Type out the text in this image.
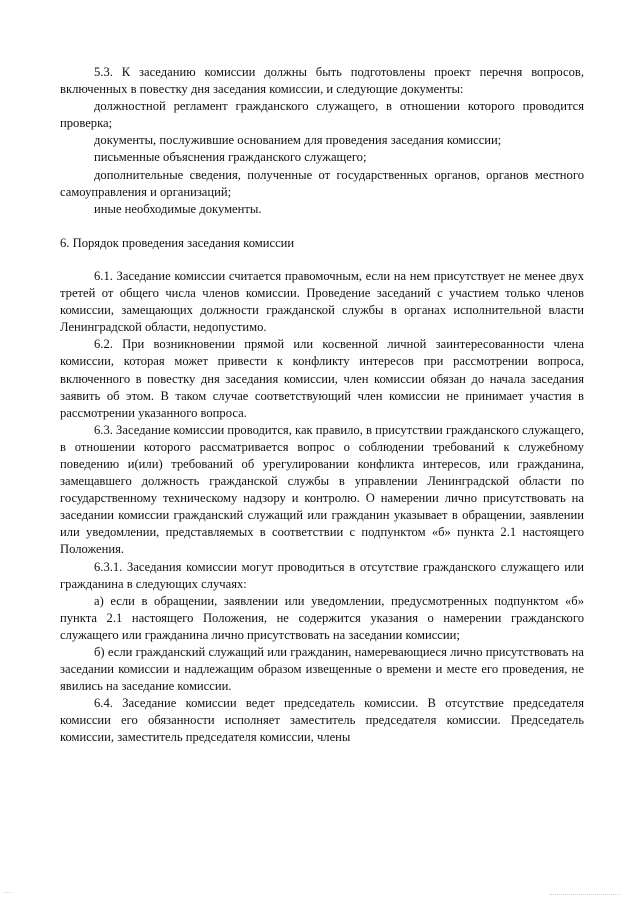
5.3. К заседанию комиссии должны быть подготовлены проект перечня вопросов, включенных в повестку дня заседания комиссии, и следующие документы:

должностной регламент гражданского служащего, в отношении которого проводится проверка;

документы, послужившие основанием для проведения заседания комиссии;

письменные объяснения гражданского служащего;

дополнительные сведения, полученные от государственных органов, органов местного самоуправления и организаций;

иные необходимые документы.

6. Порядок проведения заседания комиссии

6.1. Заседание комиссии считается правомочным, если на нем присутствует не менее двух третей от общего числа членов комиссии. Проведение заседаний с участием только членов комиссии, замещающих должности гражданской службы в органах исполнительной власти Ленинградской области, недопустимо.

6.2. При возникновении прямой или косвенной личной заинтересованности члена комиссии, которая может привести к конфликту интересов при рассмотрении вопроса, включенного в повестку дня заседания комиссии, член комиссии обязан до начала заседания заявить об этом. В таком случае соответствующий член комиссии не принимает участия в рассмотрении указанного вопроса.

6.3. Заседание комиссии проводится, как правило, в присутствии гражданского служащего, в отношении которого рассматривается вопрос о соблюдении требований к служебному поведению и(или) требований об урегулировании конфликта интересов, или гражданина, замещавшего должность гражданской службы в управлении Ленинградской области по государственному техническому надзору и контролю. О намерении лично присутствовать на заседании комиссии гражданский служащий или гражданин указывает в обращении, заявлении или уведомлении, представляемых в соответствии с подпунктом «б» пункта 2.1 настоящего Положения.

6.3.1. Заседания комиссии могут проводиться в отсутствие гражданского служащего или гражданина в следующих случаях:

а) если в обращении, заявлении или уведомлении, предусмотренных подпунктом «б» пункта 2.1 настоящего Положения, не содержится указания о намерении гражданского служащего или гражданина лично присутствовать на заседании комиссии;

б) если гражданский служащий или гражданин, намеревающиеся лично присутствовать на заседании комиссии и надлежащим образом извещенные о времени и месте его проведения, не явились на заседание комиссии.

6.4. Заседание комиссии ведет председатель комиссии. В отсутствие председателя комиссии его обязанности исполняет заместитель председателя комиссии. Председатель комиссии, заместитель председателя комиссии, члены
